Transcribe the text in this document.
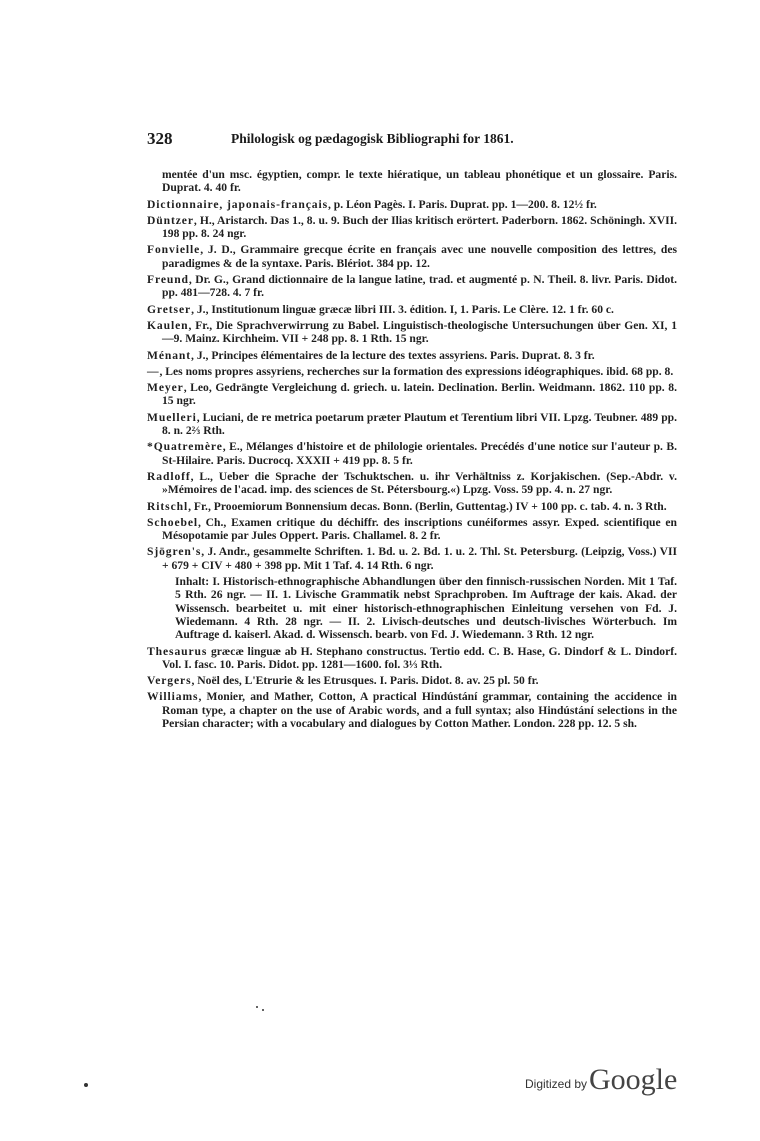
328	Philologisk og pædagogisk Bibliographi for 1861.

mentée d'un msc. égyptien, compr. le texte hiératique, un tableau phonétique et un glossaire. Paris. Duprat. 4. 40 fr.

Dictionnaire, japonais-français, p. Léon Pagès. I. Paris. Duprat. pp. 1—200. 8. 12½ fr.

Düntzer, H., Aristarch. Das 1., 8. u. 9. Buch der Ilias kritisch erörtert. Paderborn. 1862. Schöningh. XVII. 198 pp. 8. 24 ngr.

Fonvielle, J. D., Grammaire grecque écrite en français avec une nouvelle composition des lettres, des paradigmes & de la syntaxe. Paris. Blériot. 384 pp. 12.

Freund, Dr. G., Grand dictionnaire de la langue latine, trad. et augmenté p. N. Theil. 8. livr. Paris. Didot. pp. 481—728. 4. 7 fr.

Gretser, J., Institutionum linguæ græcæ libri III. 3. édition. I, 1. Paris. Le Clère. 12. 1 fr. 60 c.

Kaulen, Fr., Die Sprachverwirrung zu Babel. Linguistisch-theologische Untersuchungen über Gen. XI, 1—9. Mainz. Kirchheim. VII + 248 pp. 8. 1 Rth. 15 ngr.

Ménant, J., Principes élémentaires de la lecture des textes assyriens. Paris. Duprat. 8. 3 fr.

—, Les noms propres assyriens, recherches sur la formation des expressions idéographiques. ibid. 68 pp. 8.

Meyer, Leo, Gedrängte Vergleichung d. griech. u. latein. Declination. Berlin. Weidmann. 1862. 110 pp. 8. 15 ngr.

Muelleri, Luciani, de re metrica poetarum præter Plautum et Terentium libri VII. Lpzg. Teubner. 489 pp. 8. n. 2⅔ Rth.

*Quatremère, E., Mélanges d'histoire et de philologie orientales. Precédés d'une notice sur l'auteur p. B. St-Hilaire. Paris. Ducrocq. XXXII + 419 pp. 8. 5 fr.

Radloff, L., Ueber die Sprache der Tschuktschen. u. ihr Verhältniss z. Korjakischen. (Sep.-Abdr. v. »Mémoires de l'acad. imp. des sciences de St. Pétersbourg.«) Lpzg. Voss. 59 pp. 4. n. 27 ngr.

Ritschl, Fr., Prooemiorum Bonnensium decas. Bonn. (Berlin, Guttentag.) IV + 100 pp. c. tab. 4. n. 3 Rth.

Schoebel, Ch., Examen critique du déchiffr. des inscriptions cunéiformes assyr. Exped. scientifique en Mésopotamie par Jules Oppert. Paris. Challamel. 8. 2 fr.

Sjögren's, J. Andr., gesammelte Schriften. 1. Bd. u. 2. Bd. 1. u. 2. Thl. St. Petersburg. (Leipzig, Voss.) VII + 679 + CIV + 480 + 398 pp. Mit 1 Taf. 4. 14 Rth. 6 ngr.

Inhalt: I. Historisch-ethnographische Abhandlungen über den finnisch-russischen Norden. Mit 1 Taf. 5 Rth. 26 ngr. — II. 1. Livische Grammatik nebst Sprachproben. Im Auftrage der kais. Akad. der Wissensch. bearbeitet u. mit einer historisch-ethnographischen Einleitung versehen von Fd. J. Wiedemann. 4 Rth. 28 ngr. — II. 2. Livisch-deutsches und deutsch-livisches Wörterbuch. Im Auftrage d. kaiserl. Akad. d. Wissensch. bearb. von Fd. J. Wiedemann. 3 Rth. 12 ngr.

Thesaurus græcæ linguæ ab H. Stephano constructus. Tertio edd. C. B. Hase, G. Dindorf & L. Dindorf. Vol. I. fasc. 10. Paris. Didot. pp. 1281—1600. fol. 3⅓ Rth.

Vergers, Noël des, L'Etrurie & les Etrusques. I. Paris. Didot. 8. av. 25 pl. 50 fr.

Williams, Monier, and Mather, Cotton, A practical Hindústání grammar, containing the accidence in Roman type, a chapter on the use of Arabic words, and a full syntax; also Hindústání selections in the Persian character; with a vocabulary and dialogues by Cotton Mather. London. 228 pp. 12. 5 sh.

Digitized by Google
